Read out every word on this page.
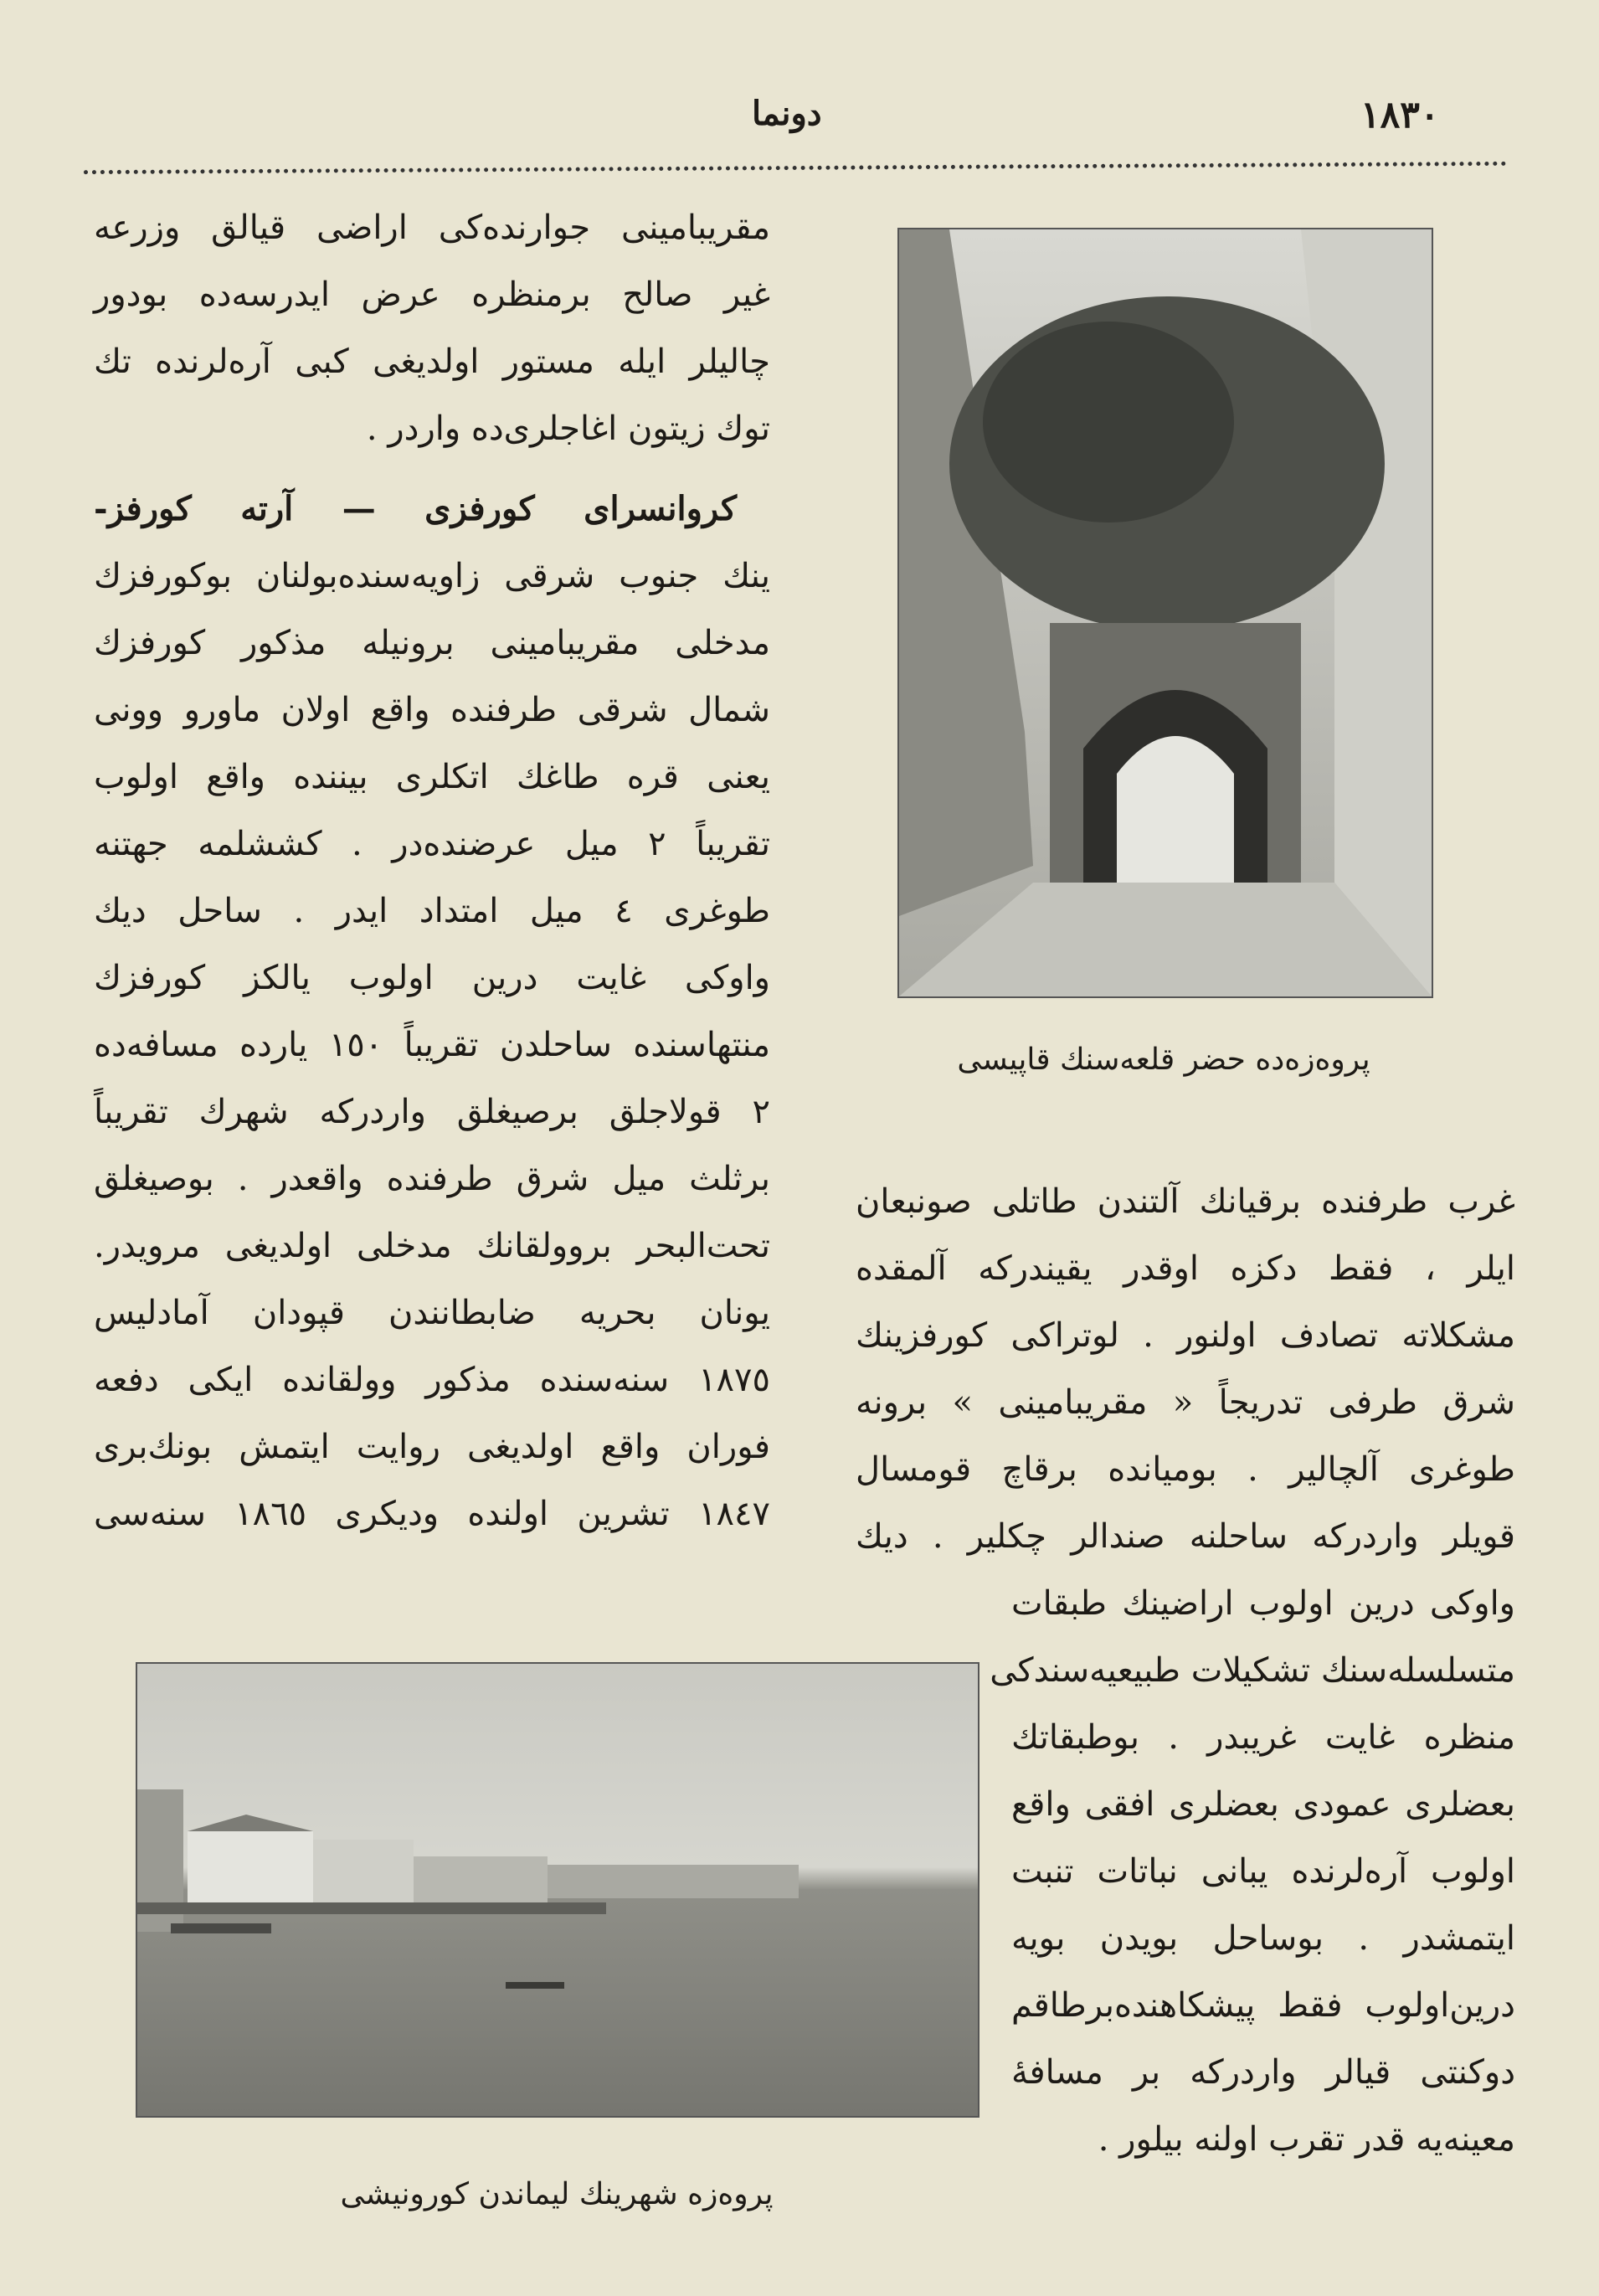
١٨٣٠
دونما
مقریبامینی جوارنده‌کی اراضی قیالق وزرعه
غیر صالح برمنظره عرض ایدرسه‌ده بودور
چالیلر ایله مستور اولدیغی کبی آره‌لرنده تك
توك زیتون اغاجلری‌ده واردر .
کروانسرای کورفزی — آرته کورفز-
ینك جنوب شرقی زاویه‌سنده‌بولنان بوکورفزك
مدخلی مقریبامینی برونیله مذکور کورفزك
شمال شرقی طرفنده واقع اولان ماورو وونی
یعنی قره طاغك اتکلری بیننده واقع اولوب
تقریباً ٢ میل عرضنده‌در . کششلمه جهتنه
طوغری ٤ میل امتداد ایدر . ساحل دیك
واوکی غایت درین اولوب یالکز کورفزك
منتهاسنده ساحلدن تقریباً ١٥٠ یارده مسافه‌ده
٢ قولاجلق برصیغلق واردرکه شهرك تقریباً
برثلث میل شرق طرفنده واقعدر . بوصیغلق
تحت‌البحر بروولقانك مدخلی اولدیغی مرویدر.
یونان بحریه ضابطانندن قپودان آمادلیس
١٨٧٥ سنه‌سنده مذکور وولقانده ایکی دفعه
فوران واقع اولدیغی روایت ایتمش بونك‌بری
١٨٤٧ تشرین اولنده ودیکری ١٨٦٥ سنه‌سی
پروه‌زه‌ده حضر قلعه‌سنك قاپیسی
غرب طرفنده برقیانك آلتندن طاتلی صونبعان
ایلر ، فقط دکزه اوقدر یقیندرکه آلمقده
مشکلاته تصادف اولنور . لوتراکی کورفزینك
شرق طرفی تدریجاً « مقریبامینی » برونه
طوغری آلچالیر . بومیانده برقاچ قومسال
قویلر واردرکه ساحلنه صندالر چکلیر . دیك
واوکی درین اولوب اراضینك طبقات
متسلسله‌سنك تشکیلات طبیعیه‌سندکی
منظره غایت غریبدر . بوطبقاتك
بعضلری عمودی بعضلری افقی واقع
اولوب آره‌لرنده یبانی نباتات تنبت
ایتمشدر . بوساحل بویدن بویه
درین‌اولوب فقط پیشکاهنده‌برطاقم
دوکنتی قیالر واردرکه بر مسافهٔ
معینه‌یه قدر تقرب اولنه بیلور .
پروه‌زه شهرینك لیماندن کورونیشی
